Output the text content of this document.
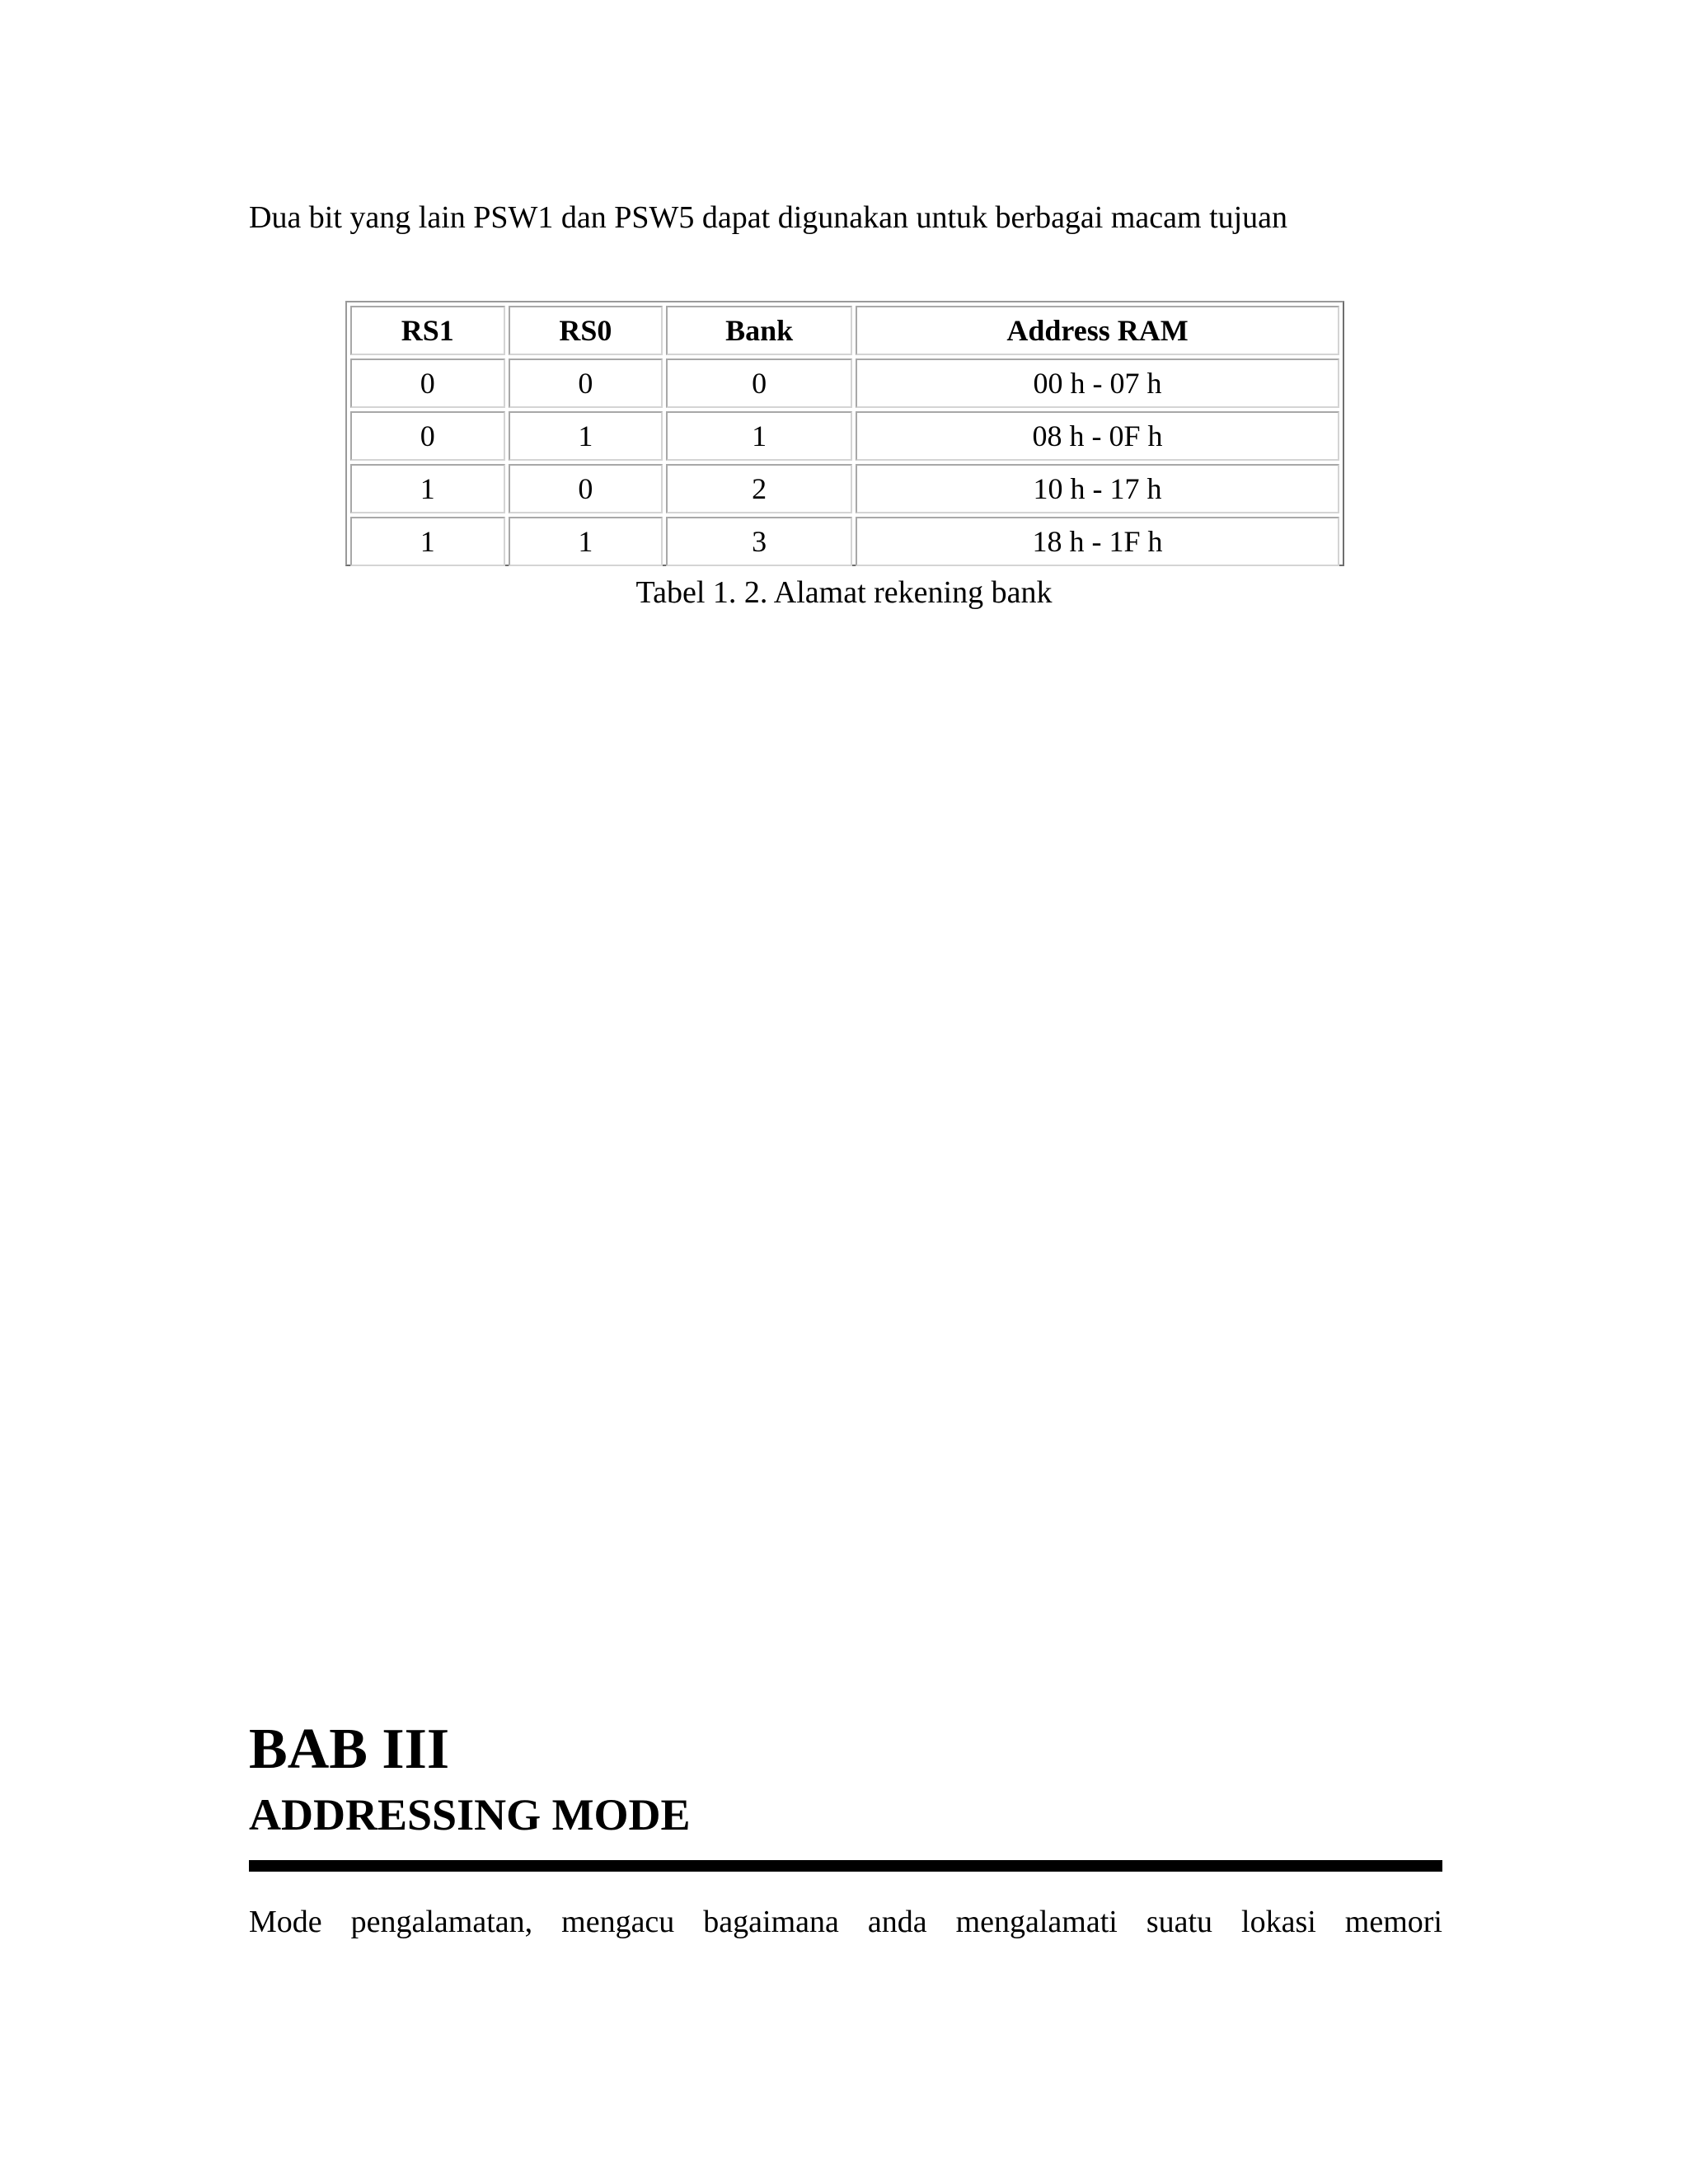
Dua bit yang lain PSW1 dan PSW5 dapat digunakan untuk berbagai macam tujuan

RS1	RS0	Bank	Address RAM
0	0	0	00 h - 07 h
0	1	1	08 h - 0F h
1	0	2	10 h - 17 h
1	1	3	18 h - 1F h

Tabel 1. 2. Alamat rekening bank

BAB III
ADDRESSING MODE

Mode pengalamatan, mengacu bagaimana anda mengalamati suatu lokasi memori
